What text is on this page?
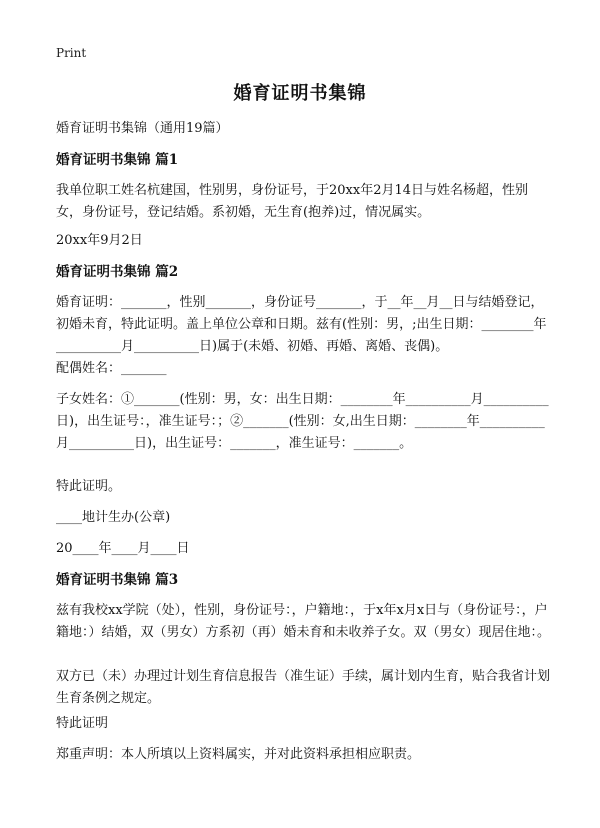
Print
婚育证明书集锦
婚育证明书集锦（通用19篇）
婚育证明书集锦 篇1
我单位职工姓名杭建国，性别男，身份证号，于20xx年2月14日与姓名杨超，性别女，身份证号，登记结婚。系初婚，无生育(抱养)过，情况属实。
20xx年9月2日
婚育证明书集锦 篇2
婚育证明：_______，性别_______，身份证号_______，于__年__月__日与结婚登记，初婚未育，特此证明。盖上单位公章和日期。兹有(性别：男，;出生日期：________年__________月__________日)属于(未婚、初婚、再婚、离婚、丧偶)。
配偶姓名：_______
子女姓名：①_______(性别：男，女：出生日期：________年__________月__________日)，出生证号：，准生证号：；②_______(性别：女,出生日期：________年__________月__________日)，出生证号：_______，准生证号：_______。
特此证明。
____地计生办(公章)
20____年____月____日
婚育证明书集锦 篇3
兹有我校xx学院（处），性别，身份证号：，户籍地：，于x年x月x日与（身份证号：，户籍地：）结婚，双（男女）方系初（再）婚未育和未收养子女。双（男女）现居住地：。
双方已（未）办理过计划生育信息报告（准生证）手续，属计划内生育，贴合我省计划生育条例之规定。
特此证明
郑重声明：本人所填以上资料属实，并对此资料承担相应职责。
